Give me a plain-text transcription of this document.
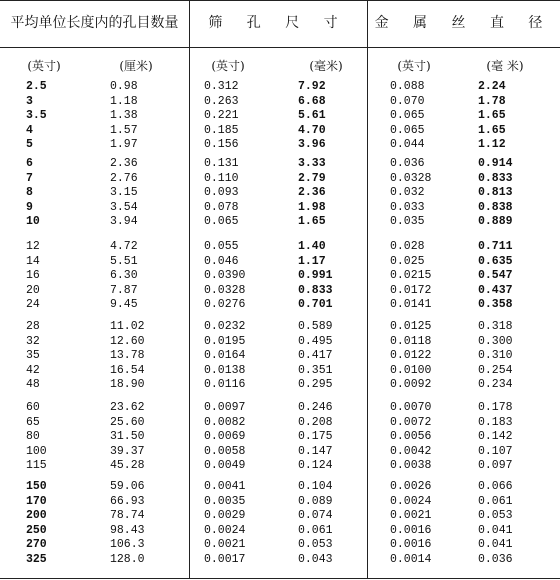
平均单位长度内的孔目数量	筛 孔 尺 寸	金 属 丝 直 径
(英寸)	(厘米)	(英寸)	(毫米)	(英寸)	(毫 米)
2.5	0.98	0.312	7.92	0.088	2.24
3	1.18	0.263	6.68	0.070	1.78
3.5	1.38	0.221	5.61	0.065	1.65
4	1.57	0.185	4.70	0.065	1.65
5	1.97	0.156	3.96	0.044	1.12
6	2.36	0.131	3.33	0.036	0.914
7	2.76	0.110	2.79	0.0328	0.833
8	3.15	0.093	2.36	0.032	0.813
9	3.54	0.078	1.98	0.033	0.838
10	3.94	0.065	1.65	0.035	0.889
12	4.72	0.055	1.40	0.028	0.711
14	5.51	0.046	1.17	0.025	0.635
16	6.30	0.0390	0.991	0.0215	0.547
20	7.87	0.0328	0.833	0.0172	0.437
24	9.45	0.0276	0.701	0.0141	0.358
28	11.02	0.0232	0.589	0.0125	0.318
32	12.60	0.0195	0.495	0.0118	0.300
35	13.78	0.0164	0.417	0.0122	0.310
42	16.54	0.0138	0.351	0.0100	0.254
48	18.90	0.0116	0.295	0.0092	0.234
60	23.62	0.0097	0.246	0.0070	0.178
65	25.60	0.0082	0.208	0.0072	0.183
80	31.50	0.0069	0.175	0.0056	0.142
100	39.37	0.0058	0.147	0.0042	0.107
115	45.28	0.0049	0.124	0.0038	0.097
150	59.06	0.0041	0.104	0.0026	0.066
170	66.93	0.0035	0.089	0.0024	0.061
200	78.74	0.0029	0.074	0.0021	0.053
250	98.43	0.0024	0.061	0.0016	0.041
270	106.3	0.0021	0.053	0.0016	0.041
325	128.0	0.0017	0.043	0.0014	0.036
